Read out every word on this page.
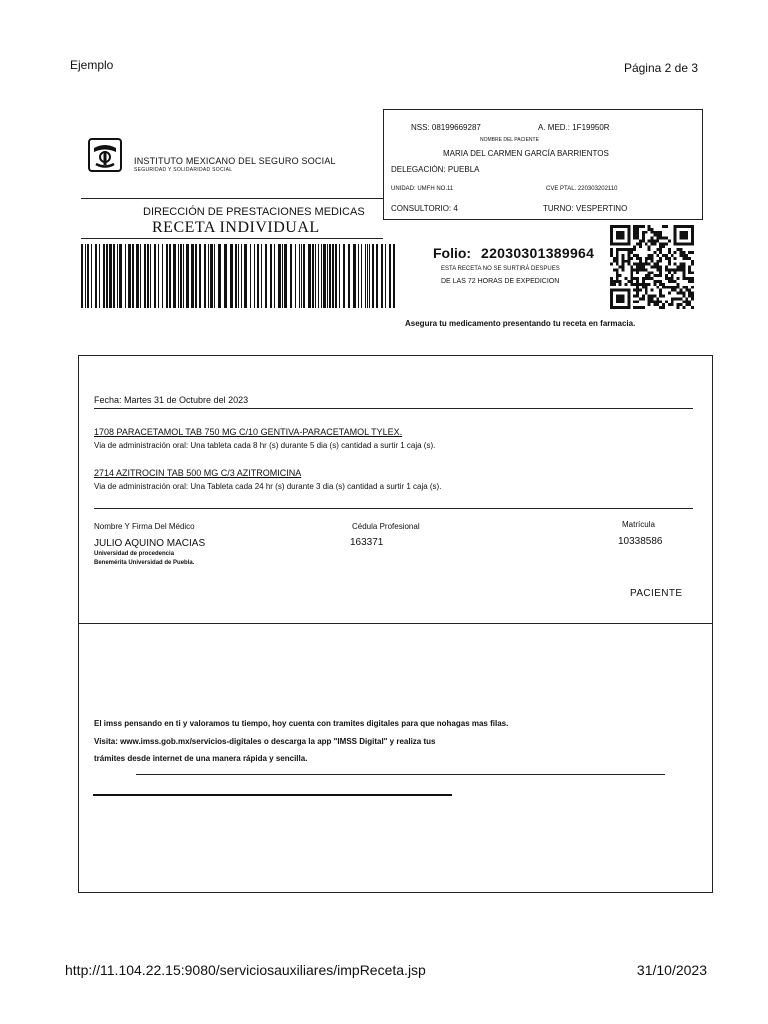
Ejemplo	Página 2 de 3
INSTITUTO MEXICANO DEL SEGURO SOCIAL
SEGURIDAD Y SOLIDARIDAD SOCIAL
DIRECCIÓN DE PRESTACIONES MEDICAS
RECETA INDIVIDUAL
NSS: 08199669287	A. MED.: 1F19950R
NOMBRE DEL PACIENTE
MARIA DEL CARMEN GARCÍA BARRIENTOS
DELEGACIÓN: PUEBLA
UNIDAD: UMFH NO.11	CVE PTAL. 220303202110
CONSULTORIO: 4	TURNO: VESPERTINO
Folio: 22030301389964
ESTA RECETA NO SE SURTIRÁ DESPUES
DE LAS 72 HORAS DE EXPEDICION
Asegura tu medicamento presentando tu receta en farmacia.
Fecha: Martes 31 de Octubre del 2023
1708 PARACETAMOL TAB 750 MG C/10 GENTIVA-PARACETAMOL TYLEX.
Via de administración oral: Una tableta cada 8 hr (s) durante 5 dia (s) cantidad a surtir 1 caja (s).
2714 AZITROCIN TAB 500 MG C/3 AZITROMICINA
Via de administración oral: Una Tableta cada 24 hr (s) durante 3 dia (s) cantidad a surtir 1 caja (s).
Nombre Y Firma Del Médico	Cédula Profesional	Matrícula
JULIO AQUINO MACIAS	163371	10338586
Universidad de procedencia
Benemérita Universidad de Puebla.
PACIENTE
El imss pensando en ti y valoramos tu tiempo, hoy cuenta con tramites digitales para que nohagas mas filas.
Visita: www.imss.gob.mx/servicios-digitales o descarga la app "IMSS Digital" y realiza tus
trámites desde internet de una manera rápida y sencilla.
http://11.104.22.15:9080/serviciosauxiliares/impReceta.jsp	31/10/2023
